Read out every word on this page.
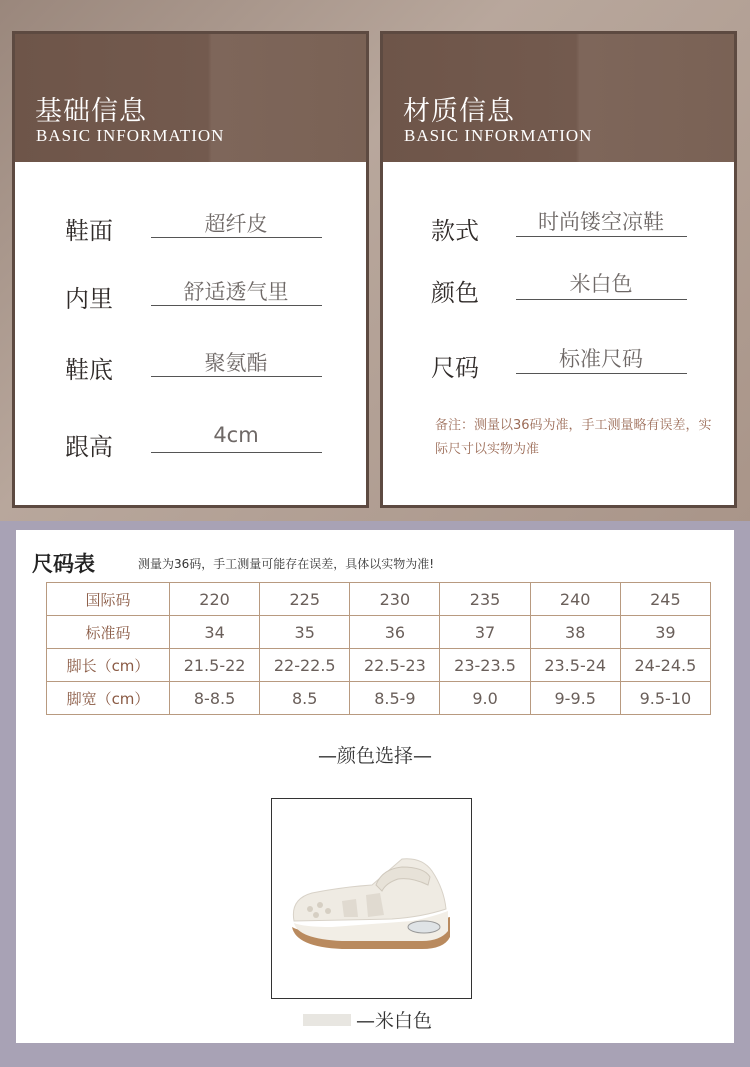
基础信息
BASIC INFORMATION
鞋面	超纤皮
内里	舒适透气里
鞋底	聚氨酯
跟高	4cm
材质信息
BASIC INFORMATION
款式	时尚镂空凉鞋
颜色	米白色
尺码	标准尺码
备注：测量以36码为准，手工测量略有误差，实际尺寸以实物为准
尺码表	测量为36码，手工测量可能存在误差，具体以实物为准!
国际码	220	225	230	235	240	245
标准码	34	35	36	37	38	39
脚长（cm）	21.5-22	22-22.5	22.5-23	23-23.5	23.5-24	24-24.5
脚宽（cm）	8-8.5	8.5	8.5-9	9.0	9-9.5	9.5-10
—颜色选择—
—米白色
